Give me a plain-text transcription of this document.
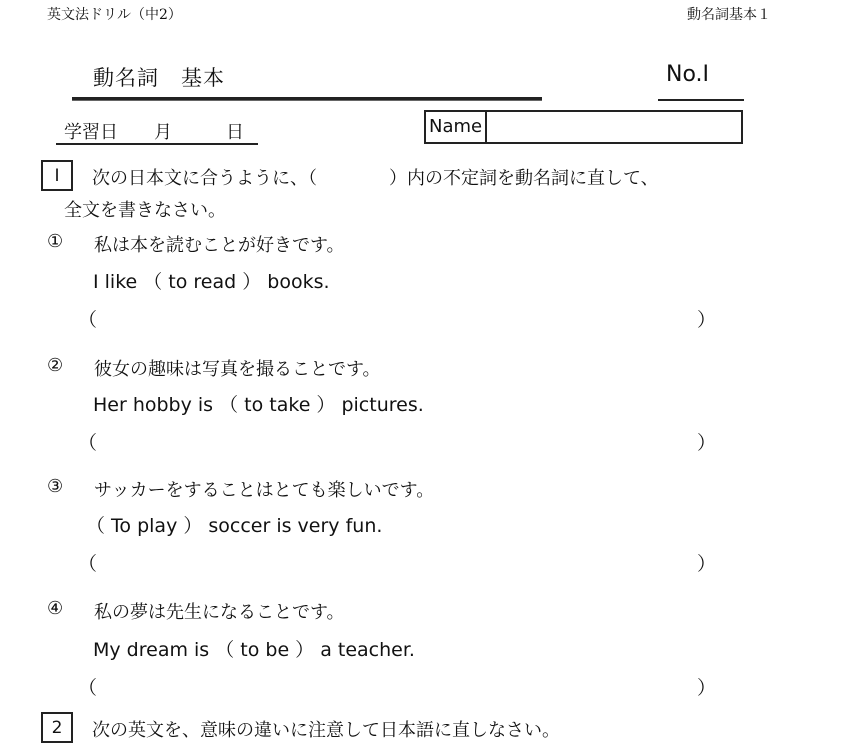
英文法ドリル（中2）	動名詞基本１
動名詞　基本	No.Ⅰ
学習日　　月　　　日	Name
Ⅰ	次の日本文に合うように、（　　　　）内の不定詞を動名詞に直して、
全文を書きなさい。
① 私は本を読むことが好きです。
I like （ to read ） books.
（	）
② 彼女の趣味は写真を撮ることです。
Her hobby is （ to take ） pictures.
（	）
③ サッカーをすることはとても楽しいです。
（ To play ） soccer is very fun.
（	）
④ 私の夢は先生になることです。
My dream is （ to be ） a teacher.
（	）
2	次の英文を、意味の違いに注意して日本語に直しなさい。
